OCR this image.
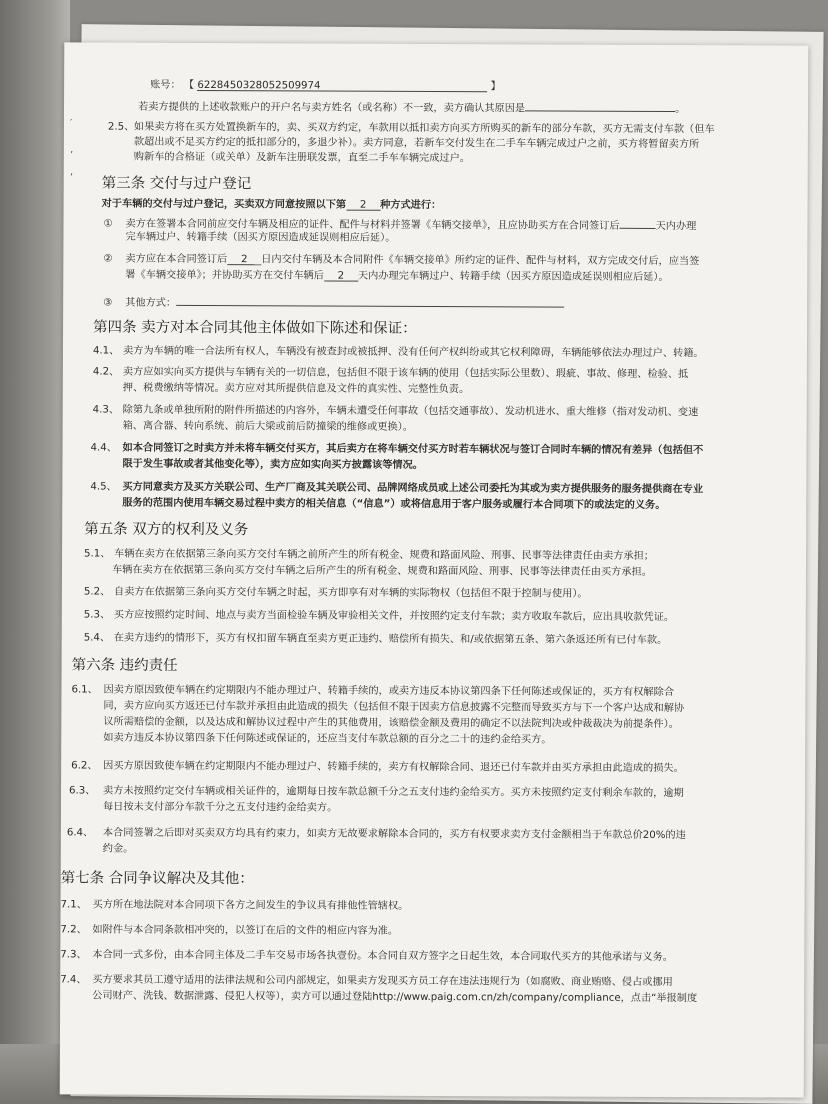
账号： 【 6228450328052509974	】
若卖方提供的上述收款账户的开户名与卖方姓名（或名称）不一致，卖方确认其原因是	。
2.5、 如果卖方将在买方处置换新车的，卖、买双方约定，车款用以抵扣卖方向买方所购买的新车的部分车款，买方无需支付车款（但车
款超出或不足买方约定的抵扣部分的，多退少补）。卖方同意，若新车交付发生在二手车车辆完成过户之前，买方将暂留卖方所
购新车的合格证（或关单）及新车注册联发票，直至二手车车辆完成过户。
第三条 交付与过户登记
对于车辆的交付与过户登记，买卖双方同意按照以下第 2 种方式进行：
① 卖方在签署本合同前应交付车辆及相应的证件、配件与材料并签署《车辆交接单》，且应协助买方在合同签订后	天内办理
完车辆过户、转籍手续（因买方原因造成延误则相应后延）。
② 卖方应在本合同签订后 2 日内交付车辆及本合同附件《车辆交接单》所约定的证件、配件与材料，双方完成交付后，应当签
署《车辆交接单》；并协助买方在交付车辆后 2 天内办理完车辆过户、转籍手续（因买方原因造成延误则相应后延）。
③ 其他方式：
第四条 卖方对本合同其他主体做如下陈述和保证：
4.1、 卖方为车辆的唯一合法所有权人，车辆没有被查封或被抵押、没有任何产权纠纷或其它权利障碍，车辆能够依法办理过户、转籍。
4.2、 卖方应如实向买方提供与车辆有关的一切信息，包括但不限于该车辆的使用（包括实际公里数）、瑕疵、事故、修理、检验、抵
押、税费缴纳等情况。卖方应对其所提供信息及文件的真实性、完整性负责。
4.3、 除第九条或单独所附的附件所描述的内容外，车辆未遭受任何事故（包括交通事故）、发动机进水、重大维修（指对发动机、变速
箱、离合器、转向系统、前后大梁或前后防撞梁的维修或更换）。
4.4、 如本合同签订之时卖方并未将车辆交付买方，其后卖方在将车辆交付买方时若车辆状况与签订合同时车辆的情况有差异（包括但不
限于发生事故或者其他变化等），卖方应如实向买方披露该等情况。
4.5、 买方同意卖方及买方关联公司、生产厂商及其关联公司、品牌网络成员或上述公司委托为其或为卖方提供服务的服务提供商在专业
服务的范围内使用车辆交易过程中卖方的相关信息（“信息”）或将信息用于客户服务或履行本合同项下的或法定的义务。
第五条 双方的权利及义务
5.1、 车辆在卖方在依据第三条向买方交付车辆之前所产生的所有税金、规费和路面风险、刑事、民事等法律责任由卖方承担；
车辆在卖方在依据第三条向买方交付车辆之后所产生的所有税金、规费和路面风险、刑事、民事等法律责任由买方承担。
5.2、 自卖方在依据第三条向买方交付车辆之时起，买方即享有对车辆的实际物权（包括但不限于控制与使用）。
5.3、 买方应按照约定时间、地点与卖方当面检验车辆及审验相关文件，并按照约定支付车款；卖方收取车款后，应出具收款凭证。
5.4、 在卖方违约的情形下，买方有权扣留车辆直至卖方更正违约、赔偿所有损失、和/或依据第五条、第六条返还所有已付车款。
第六条 违约责任
6.1、 因卖方原因致使车辆在约定期限内不能办理过户、转籍手续的，或卖方违反本协议第四条下任何陈述或保证的，买方有权解除合
同，卖方应向买方返还已付车款并承担由此造成的损失（包括但不限于因卖方信息披露不完整而导致买方与下一个客户达成和解协
议所需赔偿的金额，以及达成和解协议过程中产生的其他费用，该赔偿金额及费用的确定不以法院判决或仲裁裁决为前提条件）。
如卖方违反本协议第四条下任何陈述或保证的，还应当支付车款总额的百分之二十的违约金给买方。
6.2、 因买方原因致使车辆在约定期限内不能办理过户、转籍手续的，卖方有权解除合同、退还已付车款并由买方承担由此造成的损失。
6.3、 卖方未按照约定交付车辆或相关证件的，逾期每日按车款总额千分之五支付违约金给买方。买方未按照约定支付剩余车款的，逾期
每日按未支付部分车款千分之五支付违约金给卖方。
6.4、 本合同签署之后即对买卖双方均具有约束力，如卖方无故要求解除本合同的，买方有权要求卖方支付金额相当于车款总价20%的违
约金。
第七条 合同争议解决及其他：
7.1、 买方所在地法院对本合同项下各方之间发生的争议具有排他性管辖权。
7.2、 如附件与本合同条款相冲突的，以签订在后的文件的相应内容为准。
7.3、 本合同一式多份，由本合同主体及二手车交易市场各执壹份。本合同自双方签字之日起生效，本合同取代买方的其他承诺与义务。
7.4、 买方要求其员工遵守适用的法律法规和公司内部规定，如果卖方发现买方员工存在违法违规行为（如腐败、商业贿赂、侵占或挪用
公司财产、洗钱、数据泄露、侵犯人权等），卖方可以通过登陆http://www.paig.com.cn/zh/company/compliance，点击“举报制度
′
’
‘
